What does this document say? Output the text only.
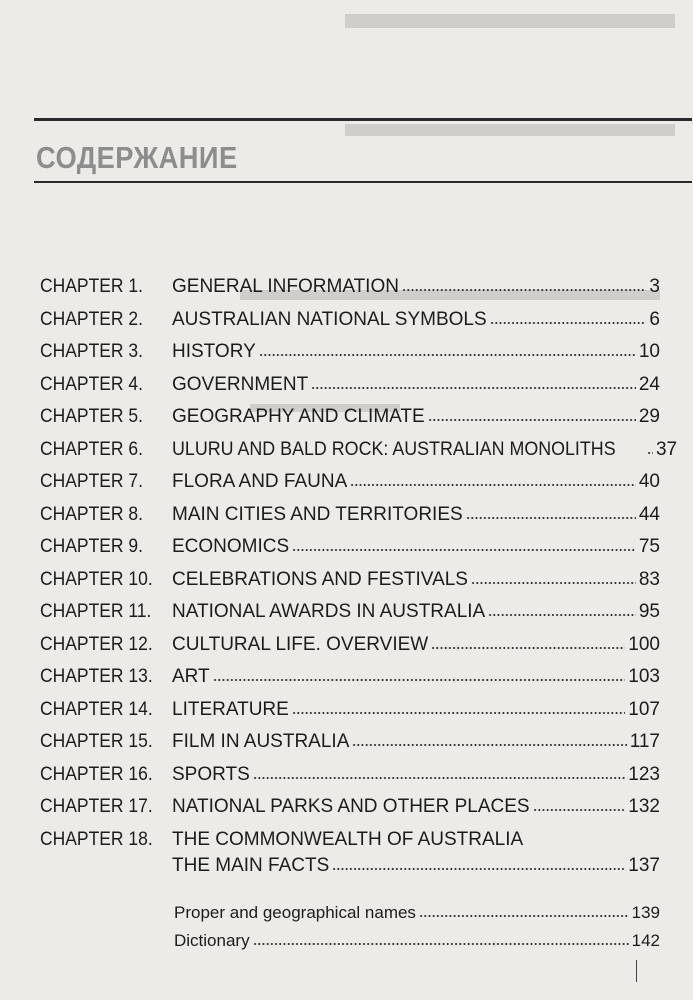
СОДЕРЖАНИЕ
CHAPTER 1.	GENERAL INFORMATION	3
CHAPTER 2.	AUSTRALIAN NATIONAL SYMBOLS	6
CHAPTER 3.	HISTORY	10
CHAPTER 4.	GOVERNMENT	24
CHAPTER 5.	GEOGRAPHY AND CLIMATE	29
CHAPTER 6.	ULURU AND BALD ROCK: AUSTRALIAN MONOLITHS 37
CHAPTER 7.	FLORA AND FAUNA	40
CHAPTER 8.	MAIN CITIES AND TERRITORIES	44
CHAPTER 9.	ECONOMICS	75
CHAPTER 10.	CELEBRATIONS AND FESTIVALS	83
CHAPTER 11.	NATIONAL AWARDS IN AUSTRALIA	95
CHAPTER 12.	CULTURAL LIFE. OVERVIEW	100
CHAPTER 13.	ART	103
CHAPTER 14.	LITERATURE	107
CHAPTER 15.	FILM IN AUSTRALIA	117
CHAPTER 16.	SPORTS	123
CHAPTER 17.	NATIONAL PARKS AND OTHER PLACES	132
CHAPTER 18.	THE COMMONWEALTH OF AUSTRALIA
THE MAIN FACTS	137
Proper and geographical names	139
Dictionary	142
